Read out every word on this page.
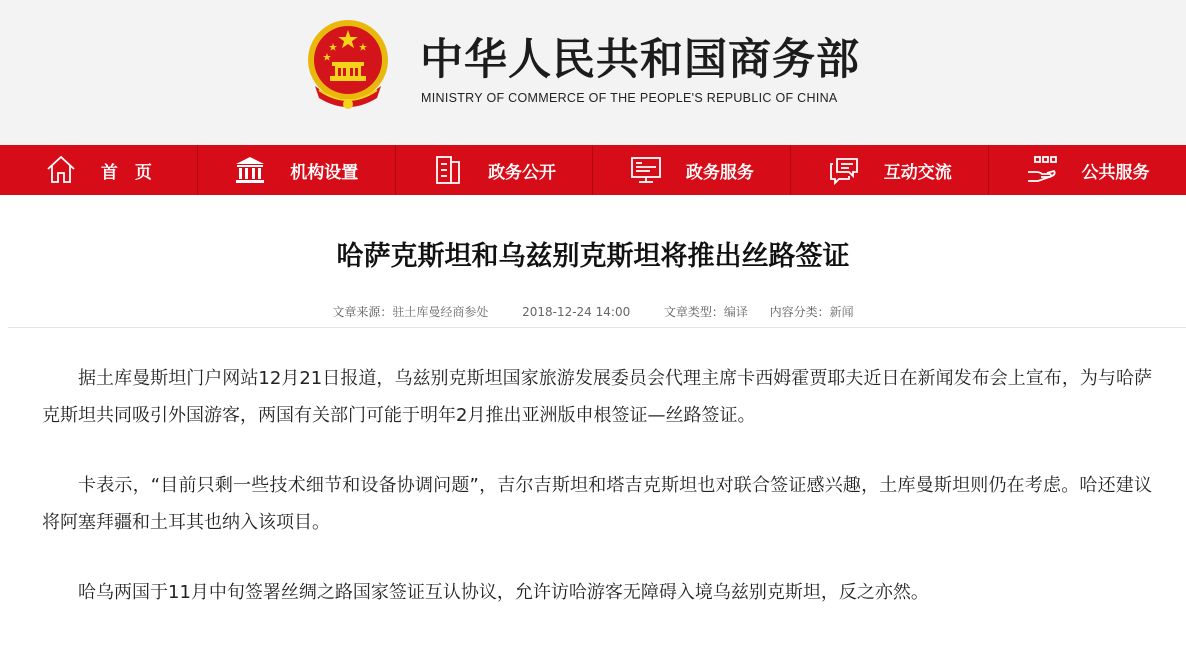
中华人民共和国商务部
MINISTRY OF COMMERCE OF THE PEOPLE'S REPUBLIC OF CHINA
首　页	机构设置	政务公开	政务服务	互动交流	公共服务
哈萨克斯坦和乌兹别克斯坦将推出丝路签证
文章来源：驻土库曼经商参处	2018-12-24 14:00	文章类型：编译 内容分类：新闻

据土库曼斯坦门户网站12月21日报道，乌兹别克斯坦国家旅游发展委员会代理主席卡西姆霍贾耶夫近日在新闻发布会上宣布，为与哈萨克斯坦共同吸引外国游客，两国有关部门可能于明年2月推出亚洲版申根签证—丝路签证。

卡表示，“目前只剩一些技术细节和设备协调问题”，吉尔吉斯坦和塔吉克斯坦也对联合签证感兴趣，土库曼斯坦则仍在考虑。哈还建议将阿塞拜疆和土耳其也纳入该项目。

哈乌两国于11月中旬签署丝绸之路国家签证互认协议，允许访哈游客无障碍入境乌兹别克斯坦，反之亦然。
